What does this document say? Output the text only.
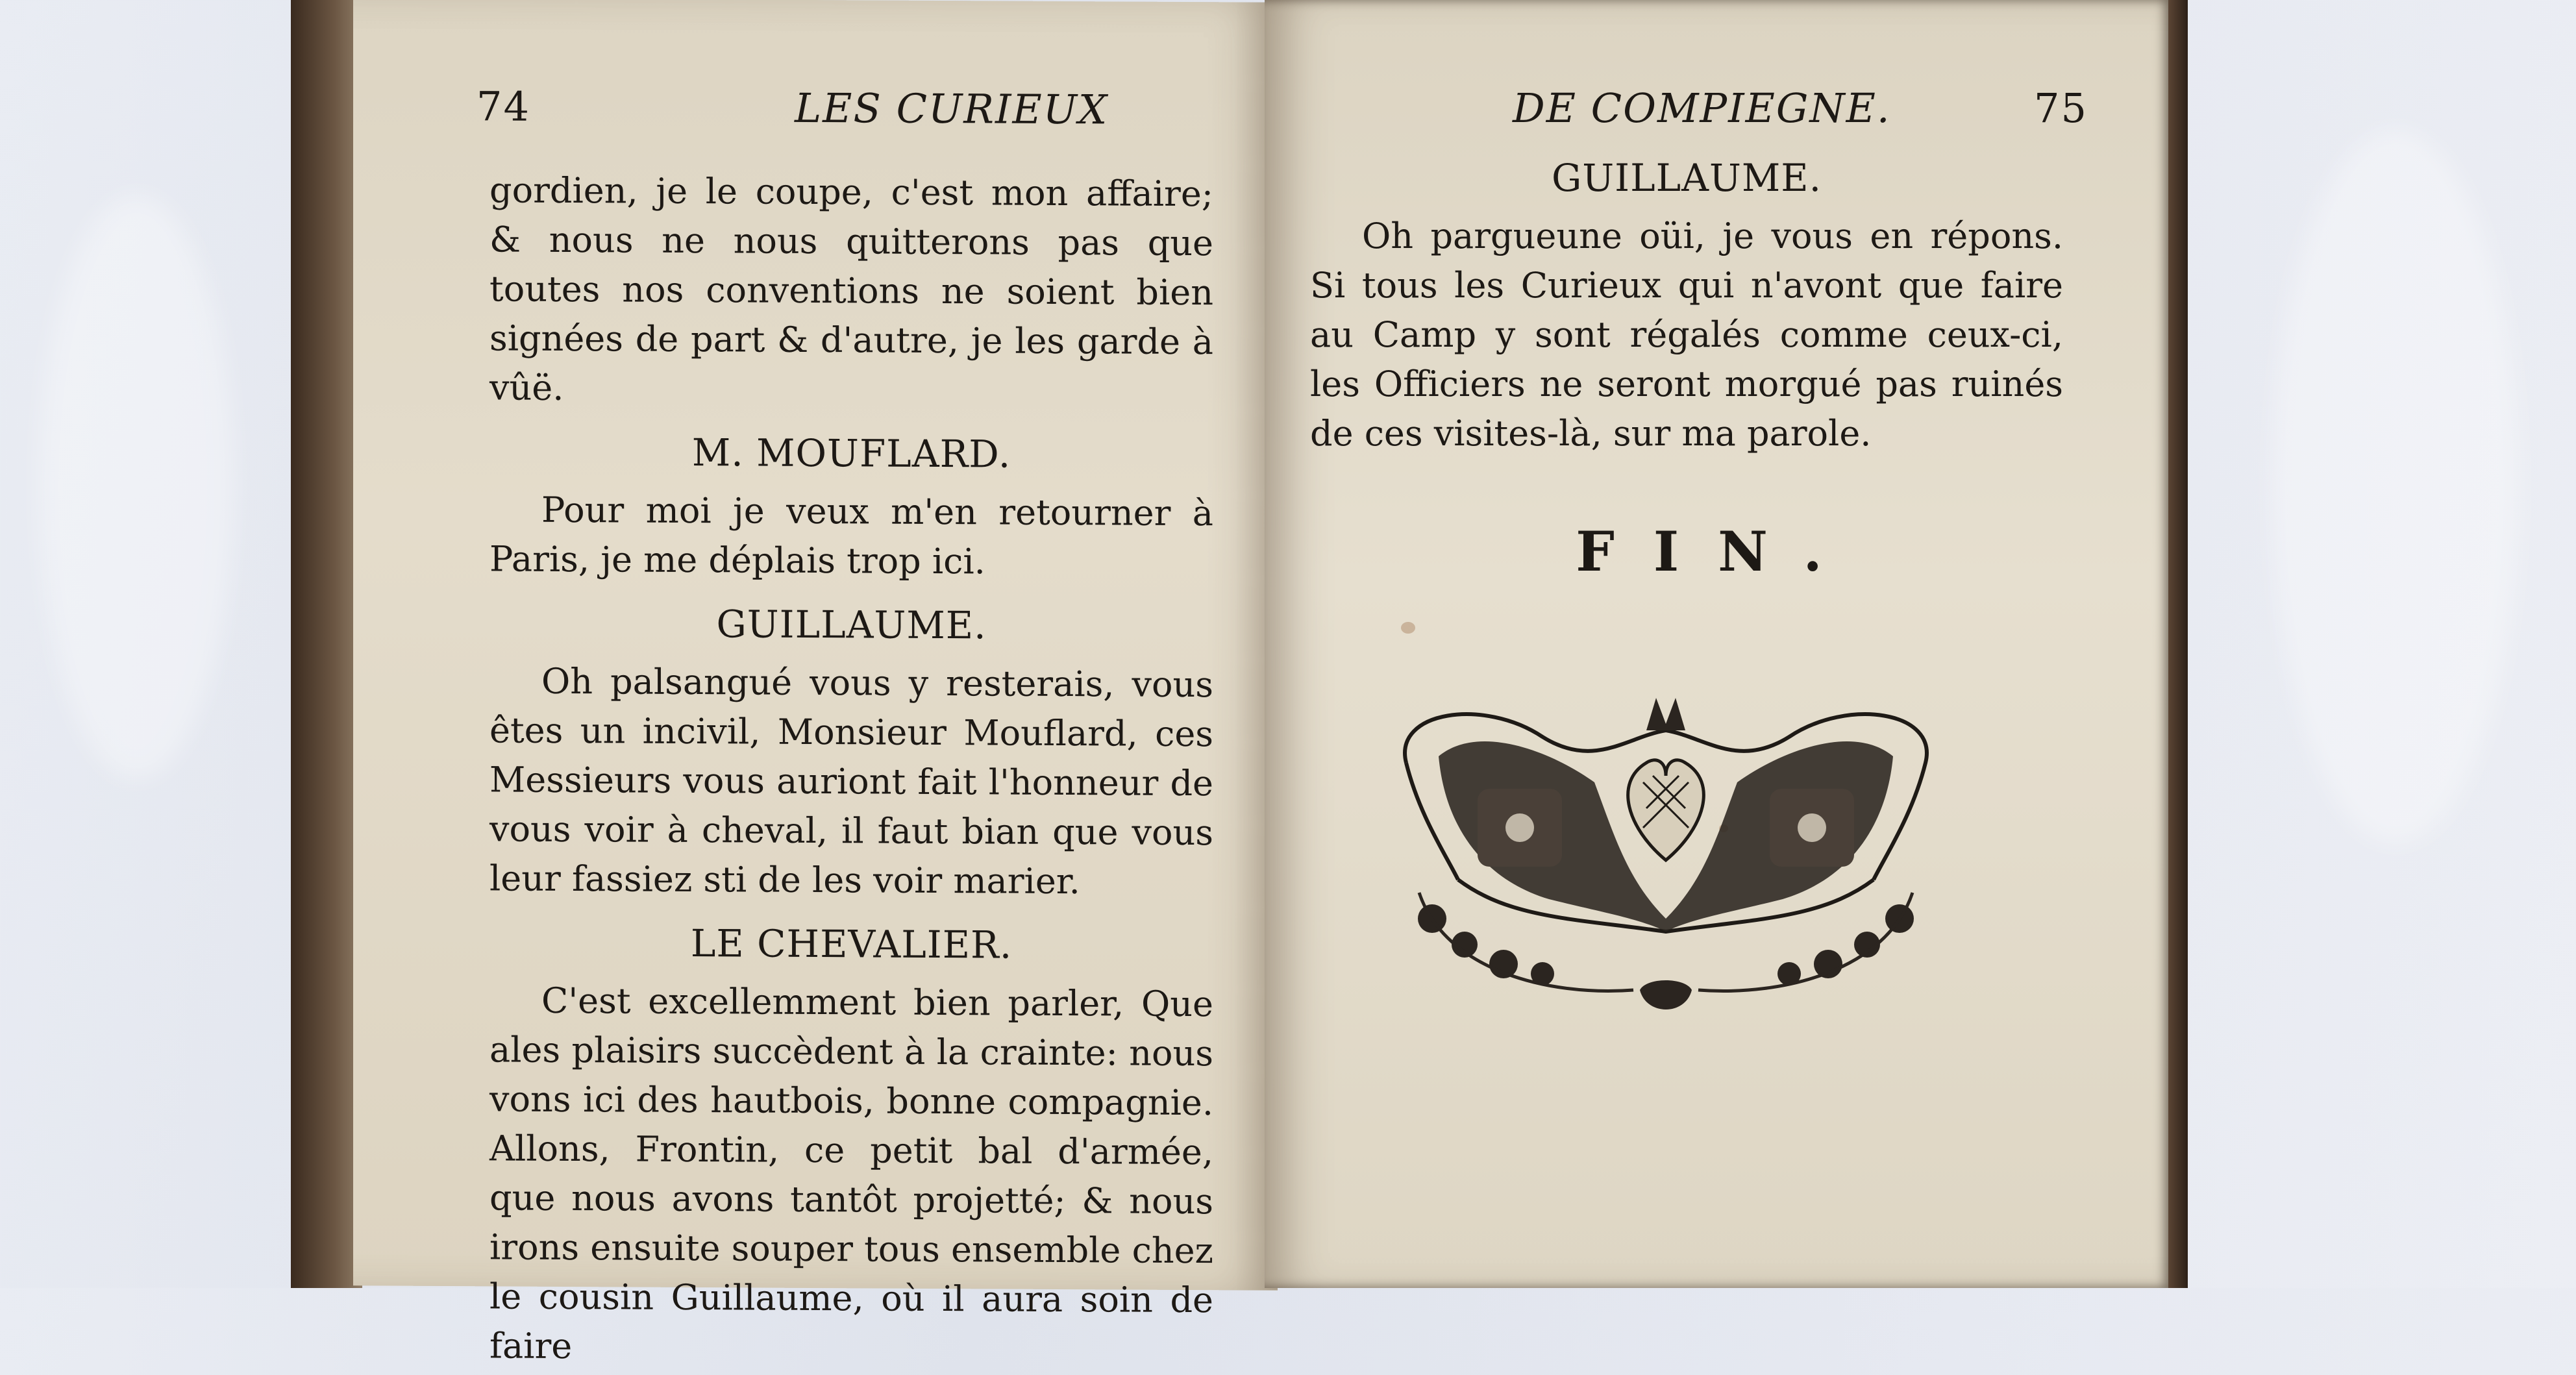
74	LES CURIEUX

gordien, je le coupe, c'est mon affaire; & nous ne nous quitterons pas que toutes nos conventions ne soient bien signées de part & d'autre, je les garde à vûë.

M. MOUFLARD.

Pour moi je veux m'en retourner à Paris, je me déplais trop ici.

GUILLAUME.

Oh palsangué vous y resterais, vous êtes un incivil, Monsieur Mouflard, ces Messieurs vous auriont fait l'honneur de vous voir à cheval, il faut bian que vous leur fassiez sti de les voir marier.

LE CHEVALIER.

C'est excellemment bien parler, Que ales plaisirs succèdent à la crainte: nous vons ici des hautbois, bonne compagnie. Allons, Frontin, ce petit bal d'armée, que nous avons tantôt projetté; & nous irons ensuite souper tous ensemble chez le cousin Guillaume, où il aura soin de faire

DE COMPIEGNE.	75
GUILLAUME.

Oh pargueune oüi, je vous en répons. Si tous les Curieux qui n'avont que faire au Camp y sont régalés comme ceux-ci, les Officiers ne seront morgué pas ruinés de ces visites-là, sur ma parole.

FIN.
